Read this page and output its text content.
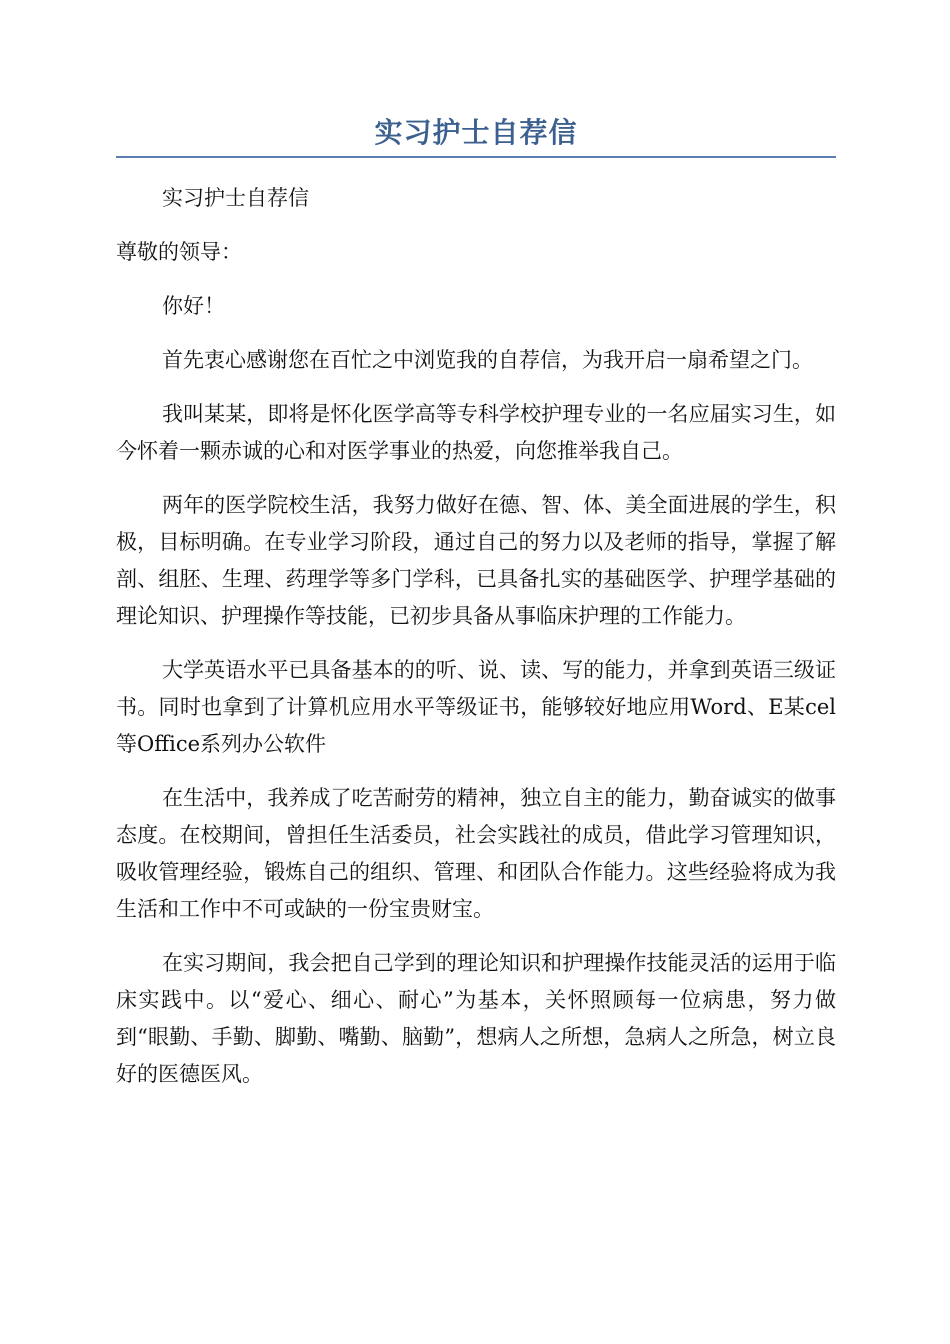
实习护士自荐信

实习护士自荐信

尊敬的领导：

你好！

首先衷心感谢您在百忙之中浏览我的自荐信，为我开启一扇希望之门。

我叫某某，即将是怀化医学高等专科学校护理专业的一名应届实习生，如今怀着一颗赤诚的心和对医学事业的热爱，向您推举我自己。

两年的医学院校生活，我努力做好在德、智、体、美全面进展的学生，积极，目标明确。在专业学习阶段，通过自己的努力以及老师的指导，掌握了解剖、组胚、生理、药理学等多门学科，已具备扎实的基础医学、护理学基础的理论知识、护理操作等技能，已初步具备从事临床护理的工作能力。

大学英语水平已具备基本的的听、说、读、写的能力，并拿到英语三级证书。同时也拿到了计算机应用水平等级证书，能够较好地应用Word、E某cel等Office系列办公软件

在生活中，我养成了吃苦耐劳的精神，独立自主的能力，勤奋诚实的做事态度。在校期间，曾担任生活委员，社会实践社的成员，借此学习管理知识，吸收管理经验，锻炼自己的组织、管理、和团队合作能力。这些经验将成为我生活和工作中不可或缺的一份宝贵财宝。

在实习期间，我会把自己学到的理论知识和护理操作技能灵活的运用于临床实践中。以“爱心、细心、耐心”为基本，关怀照顾每一位病患，努力做到“眼勤、手勤、脚勤、嘴勤、脑勤”，想病人之所想，急病人之所急，树立良好的医德医风。
